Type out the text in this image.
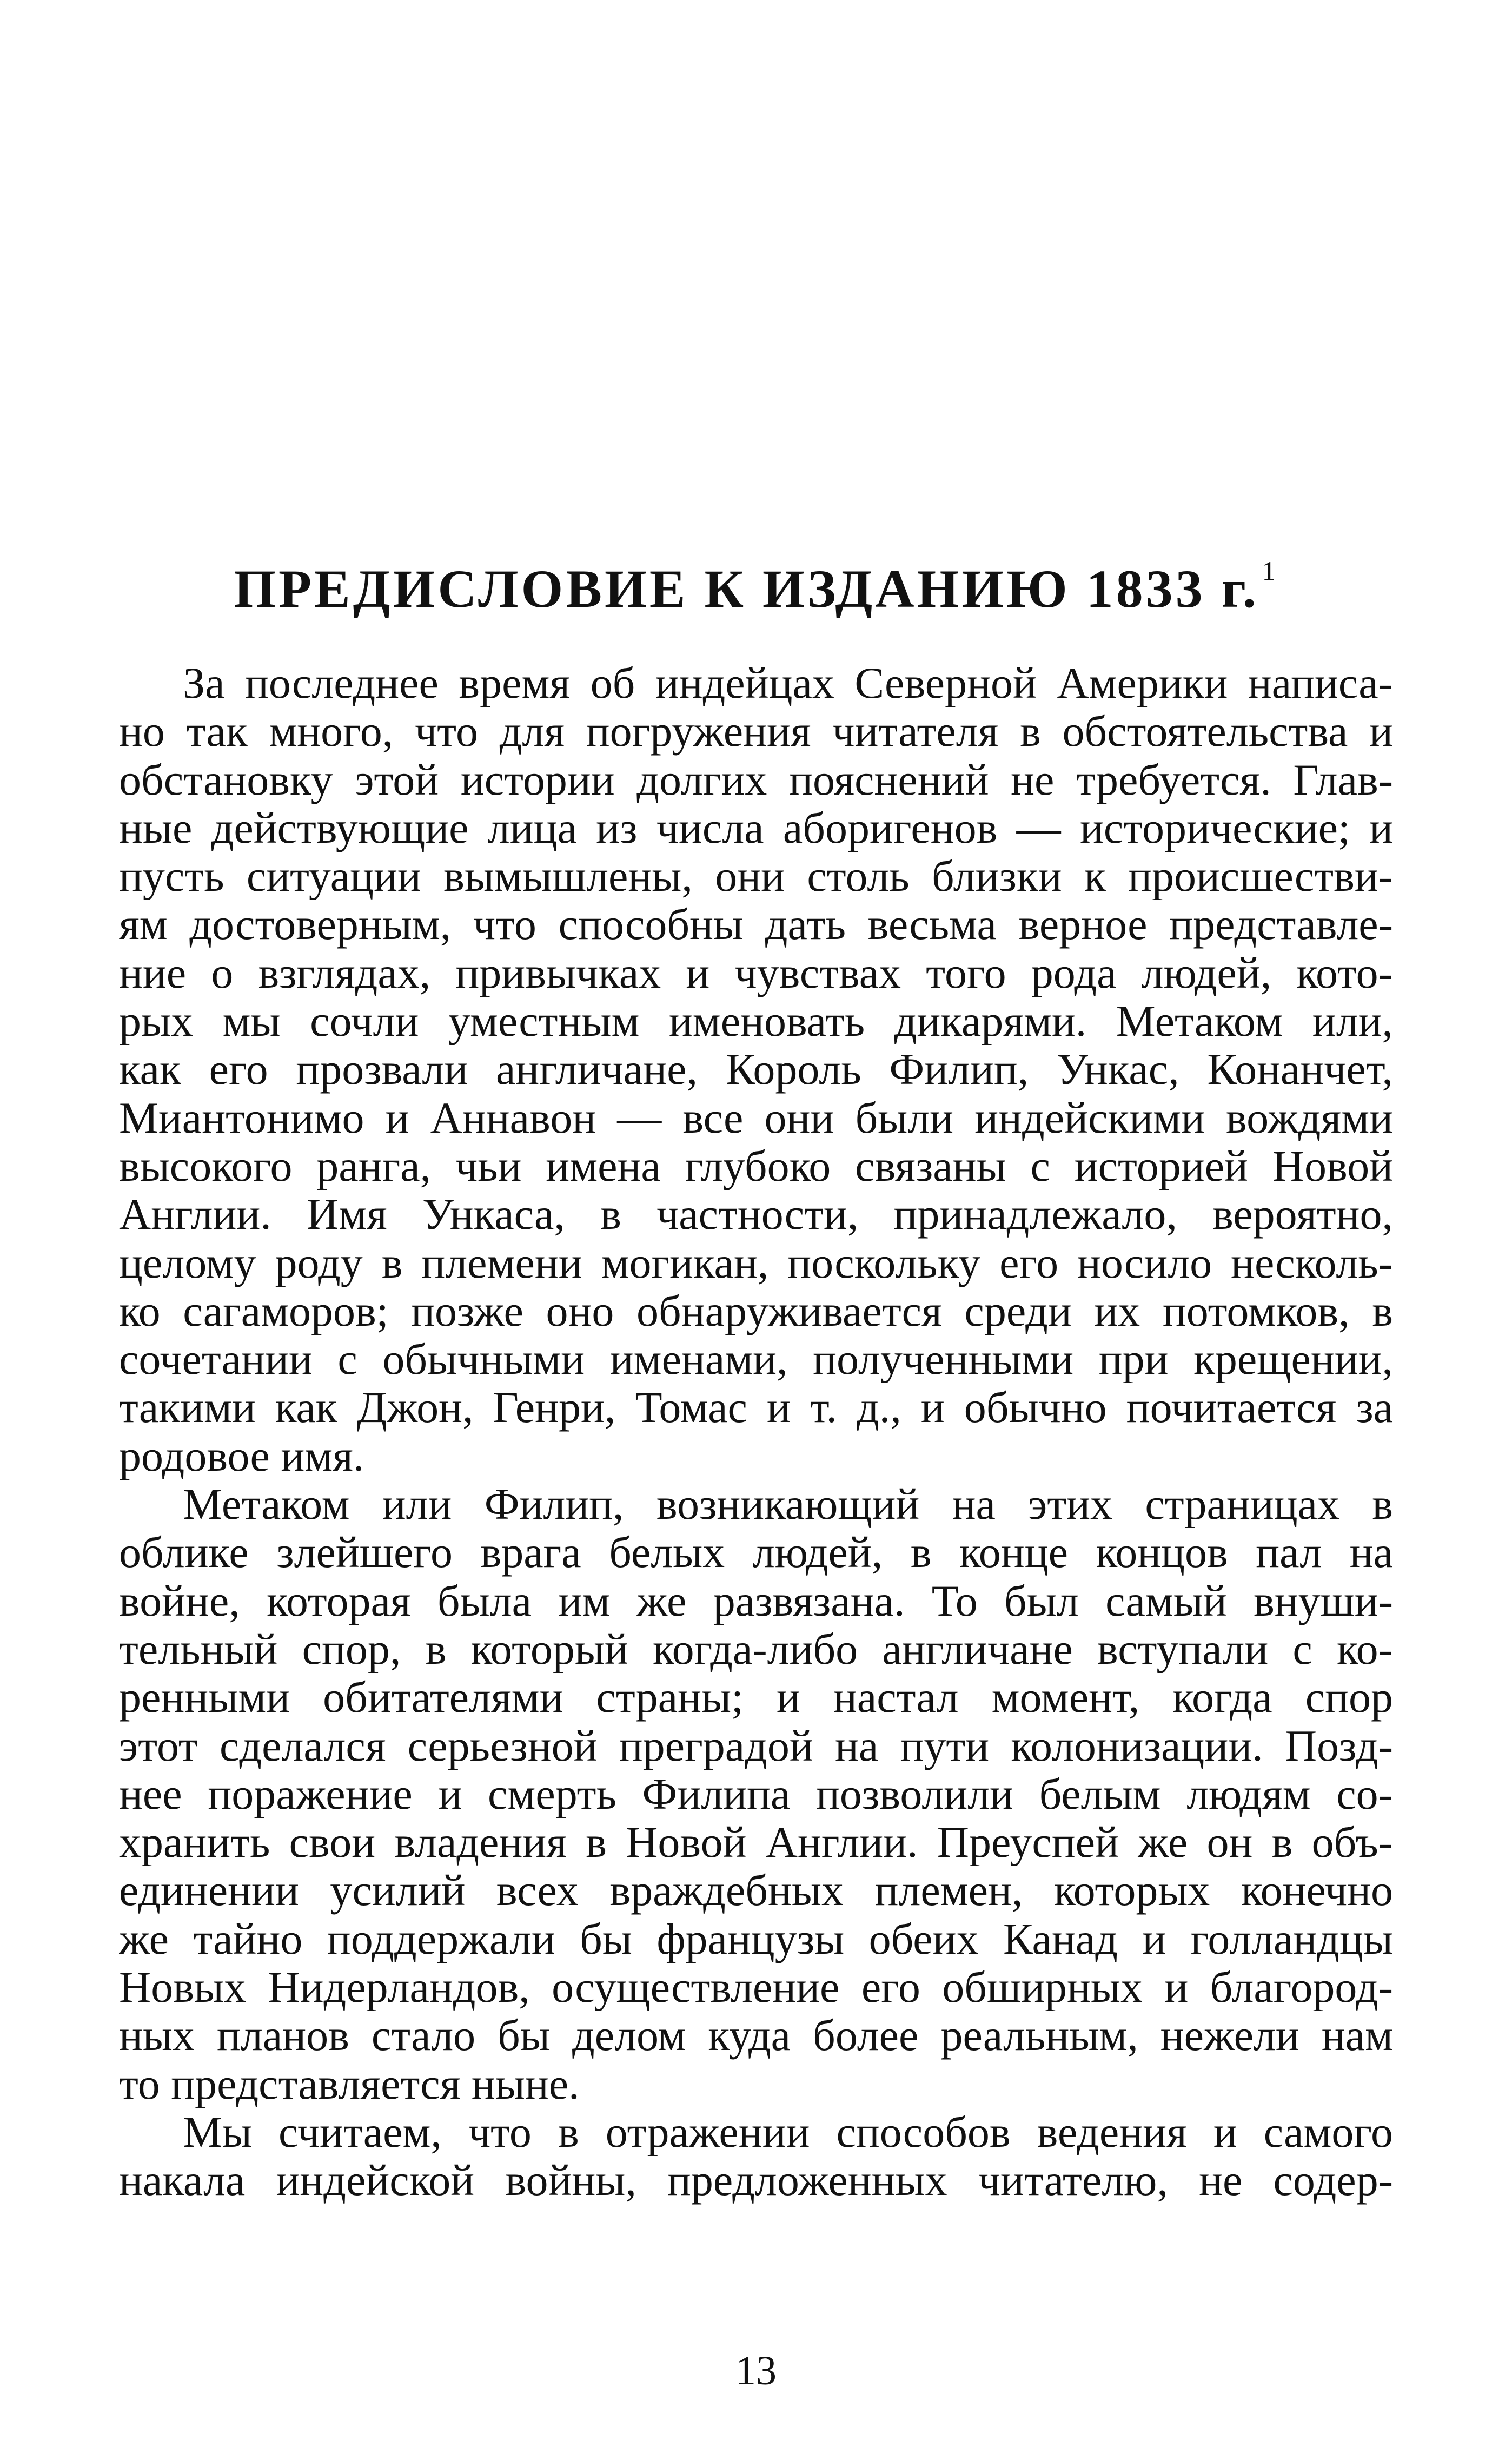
ПРЕДИСЛОВИЕ К ИЗДАНИЮ 1833 г. $^1$
За последнее время об индейцах Северной Америки написа-
но так много, что для погружения читателя в обстоятельства и
обстановку этой истории долгих пояснений не требуется. Глав-
ные действующие лица из числа аборигенов — исторические; и
пусть ситуации вымышлены, они столь близки к происшестви-
ям достоверным, что способны дать весьма верное представле-
ние о взглядах, привычках и чувствах того рода людей, кото-
рых мы сочли уместным именовать дикарями. Метаком или,
как его прозвали англичане, Король Филип, Ункас, Конанчет,
Миантонимо и Аннавон — все они были индейскими вождями
высокого ранга, чьи имена глубоко связаны с историей Новой
Англии. Имя Ункаса, в частности, принадлежало, вероятно,
целому роду в племени могикан, поскольку его носило несколь-
ко сагаморов; позже оно обнаруживается среди их потомков, в
сочетании с обычными именами, полученными при крещении,
такими как Джон, Генри, Томас и т. д., и обычно почитается за
родовое имя.
Метаком или Филип, возникающий на этих страницах в
облике злейшего врага белых людей, в конце концов пал на
войне, которая была им же развязана. То был самый внуши-
тельный спор, в который когда-либо англичане вступали с ко-
ренными обитателями страны; и настал момент, когда спор
этот сделался серьезной преградой на пути колонизации. Позд-
нее поражение и смерть Филипа позволили белым людям со-
хранить свои владения в Новой Англии. Преуспей же он в объ-
единении усилий всех враждебных племен, которых конечно
же тайно поддержали бы французы обеих Канад и голландцы
Новых Нидерландов, осуществление его обширных и благород-
ных планов стало бы делом куда более реальным, нежели нам
то представляется ныне.
Мы считаем, что в отражении способов ведения и самого
накала индейской войны, предложенных читателю, не содер-
13
